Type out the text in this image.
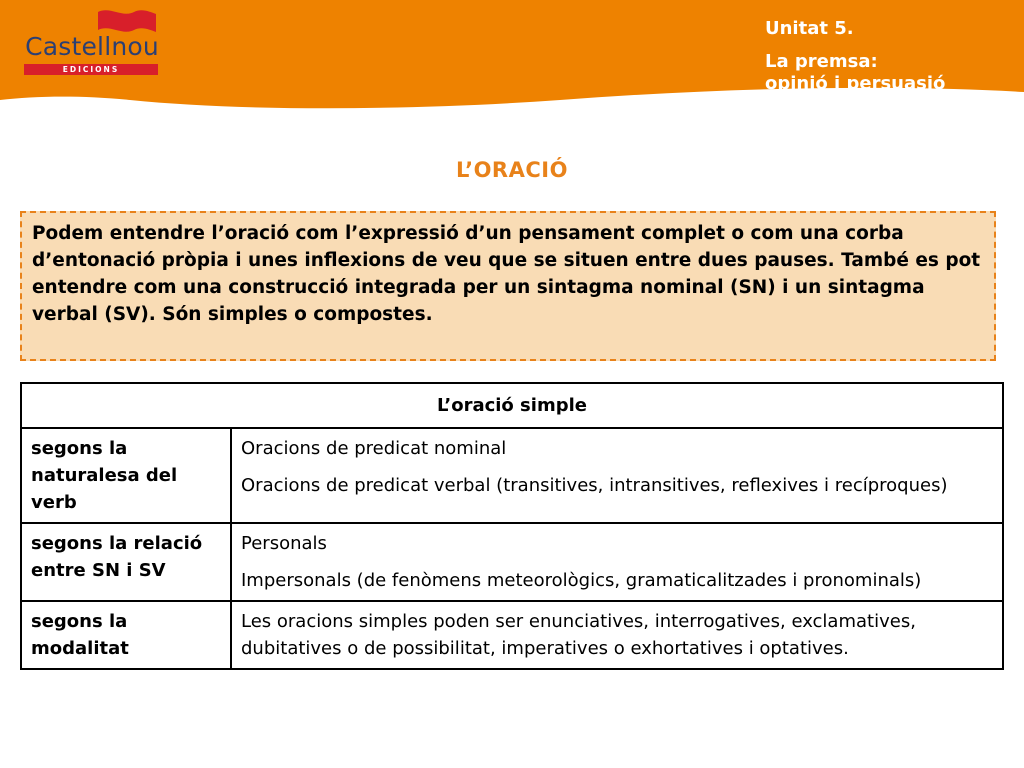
Castellnou
EDICIONS
Unitat 5.
La premsa:
opinió i persuasió
L’ORACIÓ
Podem entendre l’oració com l’expressió d’un pensament complet o com una corba d’entonació pròpia i unes inflexions de veu que se situen entre dues pauses. També es pot entendre com una construcció integrada per un sintagma nominal (SN) i un sintagma verbal (SV). Són simples o compostes.
L’oració simple	
segons la naturalesa del verb	Oracions de predicat nominal
Oracions de predicat verbal (transitives, intransitives, reflexives i recíproques)

segons la relació entre SN i SV	Personals
Impersonals (de fenòmens meteorològics, gramaticalitzades i pronominals)

segons la modalitat	Les oracions simples poden ser enunciatives, interrogatives, exclamatives, dubitatives o de possibilitat, imperatives o exhortatives i optatives.
